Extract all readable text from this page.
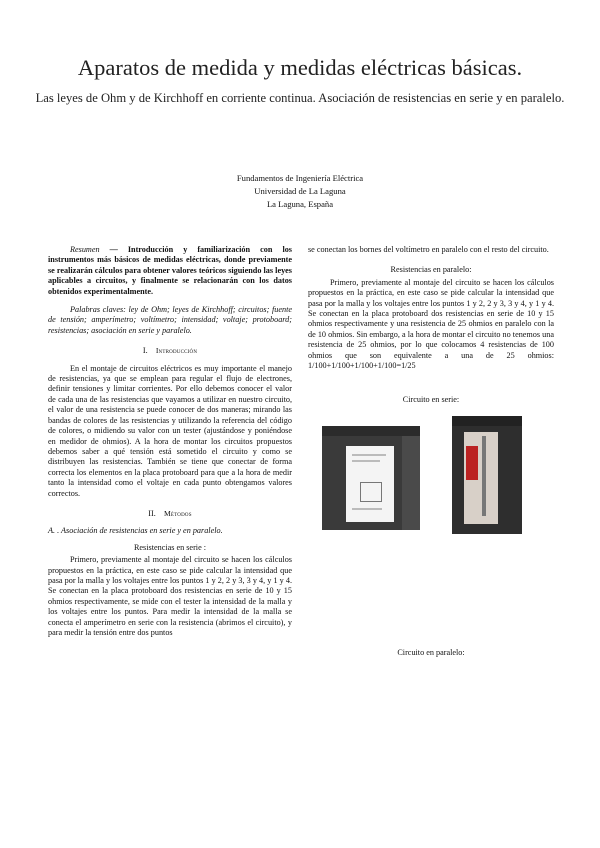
Aparatos de medida y medidas eléctricas básicas.
Las leyes de Ohm y de Kirchhoff en corriente continua. Asociación de resistencias en serie y en paralelo.
Fundamentos de Ingeniería Eléctrica
Universidad de La Laguna
La Laguna, España

Resumen — Introducción y familiarización con los instrumentos más básicos de medidas eléctricas, donde previamente se realizarán cálculos para obtener valores teóricos siguiendo las leyes aplicables a circuitos, y finalmente se relacionarán con los datos obtenidos experimentalmente.

Palabras claves: ley de Ohm; leyes de Kirchhoff; circuitos; fuente de tensión; amperímetro; voltímetro; intensidad; voltaje; protoboard; resistencias; asociación en serie y paralelo.

I. Introducción

En el montaje de circuitos eléctricos es muy importante el manejo de resistencias, ya que se emplean para regular el flujo de electrones, definir tensiones y limitar corrientes. Por ello debemos conocer el valor de cada una de las resistencias que vayamos a utilizar en nuestro circuito, el valor de una resistencia se puede conocer de dos maneras; mirando las bandas de colores de las resistencias y utilizando la referencia del código de colores, o midiendo su valor con un tester (ajustándose y poniéndose en medidor de ohmios). A la hora de montar los circuitos propuestos debemos saber a qué tensión está sometido el circuito y como se distribuyen las resistencias. También se tiene que conectar de forma correcta los elementos en la placa protoboard para que a la hora de medir tanto la intensidad como el voltaje en cada punto obtengamos valores correctos.

II. Métodos

A. . Asociación de resistencias en serie y en paralelo.

Resistencias en serie :

Primero, previamente al montaje del circuito se hacen los cálculos propuestos en la práctica, en este caso se pide calcular la intensidad que pasa por la malla y los voltajes entre los puntos 1 y 2, 2 y 3, 3 y 4, y 1 y 4. Se conectan en la placa protoboard dos resistencias en serie de 10 y 15 ohmios respectivamente, se mide con el tester la intensidad de la malla y los voltajes entre los puntos. Para medir la intensidad de la malla se conecta el amperímetro en serie con la resistencia (abrimos el circuito), y para medir la tensión entre dos puntos

se conectan los bornes del voltímetro en paralelo con el resto del circuito.

Resistencias en paralelo:

Primero, previamente al montaje del circuito se hacen los cálculos propuestos en la práctica, en este caso se pide calcular la intensidad que pasa por la malla y los voltajes entre los puntos 1 y 2, 2 y 3, 3 y 4, y 1 y 4. Se conectan en la placa protoboard dos resistencias en serie de 10 y 15 ohmios respectivamente y una resistencia de 25 ohmios en paralelo con la de 10 ohmios. Sin embargo, a la hora de montar el circuito no tenemos una resistencia de 25 ohmios, por lo que colocamos 4 resistencias de 100 ohmios que son equivalente a una de 25 ohmios: 1/100+1/100+1/100+1/100=1/25

Circuito en serie:

Circuito en paralelo:
